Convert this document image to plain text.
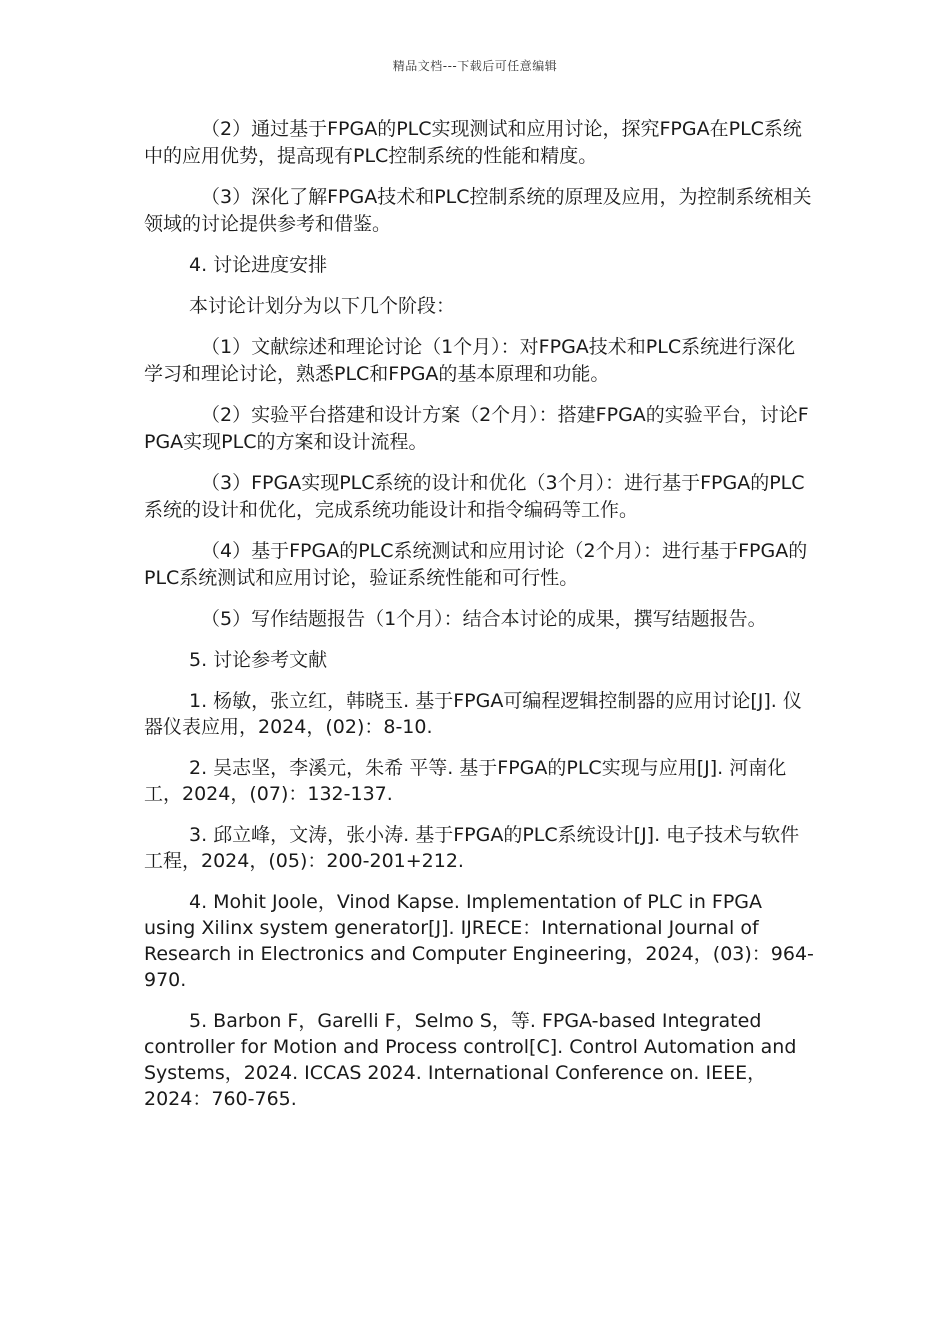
精品文档---下载后可任意编辑

（2）通过基于FPGA的PLC实现测试和应用讨论，探究FPGA在PLC系统中的应用优势，提高现有PLC控制系统的性能和精度。

（3）深化了解FPGA技术和PLC控制系统的原理及应用，为控制系统相关领域的讨论提供参考和借鉴。

4. 讨论进度安排

本讨论计划分为以下几个阶段：

（1）文献综述和理论讨论（1个月）：对FPGA技术和PLC系统进行深化学习和理论讨论，熟悉PLC和FPGA的基本原理和功能。

（2）实验平台搭建和设计方案（2个月）：搭建FPGA的实验平台，讨论FPGA实现PLC的方案和设计流程。

（3）FPGA实现PLC系统的设计和优化（3个月）：进行基于FPGA的PLC系统的设计和优化，完成系统功能设计和指令编码等工作。

（4）基于FPGA的PLC系统测试和应用讨论（2个月）：进行基于FPGA的PLC系统测试和应用讨论，验证系统性能和可行性。

（5）写作结题报告（1个月）：结合本讨论的成果，撰写结题报告。

5. 讨论参考文献

1. 杨敏，张立红，韩晓玉. 基于FPGA可编程逻辑控制器的应用讨论[J]. 仪器仪表应用，2024，(02)：8-10.

2. 吴志坚，李溪元，朱希 平等. 基于FPGA的PLC实现与应用[J]. 河南化工，2024，(07)：132-137.

3. 邱立峰，文涛，张小涛. 基于FPGA的PLC系统设计[J]. 电子技术与软件工程，2024，(05)：200-201+212.

4. Mohit Joole，Vinod Kapse. Implementation of PLC in FPGA using Xilinx system generator[J]. IJRECE：International Journal of Research in Electronics and Computer Engineering，2024，(03)：964-970.

5. Barbon F，Garelli F，Selmo S，等. FPGA-based Integrated controller for Motion and Process control[C]. Control Automation and Systems，2024. ICCAS 2024. International Conference on. IEEE，2024：760-765.
